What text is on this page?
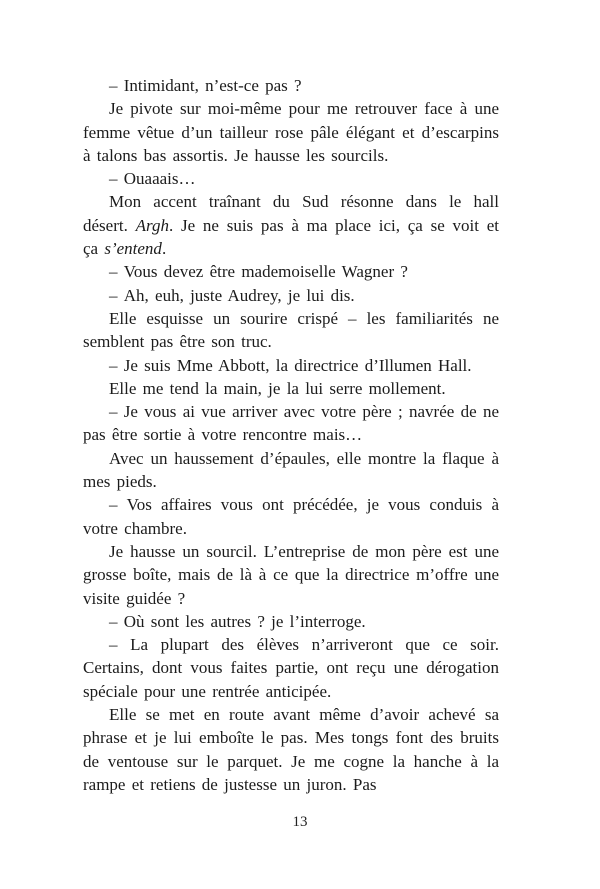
– Intimidant, n’est-ce pas ?

Je pivote sur moi-même pour me retrouver face à une femme vêtue d’un tailleur rose pâle élégant et d’escarpins à talons bas assortis. Je hausse les sourcils.

– Ouaaais…

Mon accent traînant du Sud résonne dans le hall désert. Argh. Je ne suis pas à ma place ici, ça se voit et ça s’entend.

– Vous devez être mademoiselle Wagner ?

– Ah, euh, juste Audrey, je lui dis.

Elle esquisse un sourire crispé – les familiarités ne semblent pas être son truc.

– Je suis Mme Abbott, la directrice d’Illumen Hall.

Elle me tend la main, je la lui serre mollement.

– Je vous ai vue arriver avec votre père ; navrée de ne pas être sortie à votre rencontre mais…

Avec un haussement d’épaules, elle montre la flaque à mes pieds.

– Vos affaires vous ont précédée, je vous conduis à votre chambre.

Je hausse un sourcil. L’entreprise de mon père est une grosse boîte, mais de là à ce que la directrice m’offre une visite guidée ?

– Où sont les autres ? je l’interroge.

– La plupart des élèves n’arriveront que ce soir. Certains, dont vous faites partie, ont reçu une dérogation spéciale pour une rentrée anticipée.

Elle se met en route avant même d’avoir achevé sa phrase et je lui emboîte le pas. Mes tongs font des bruits de ventouse sur le parquet. Je me cogne la hanche à la rampe et retiens de justesse un juron. Pas

13
